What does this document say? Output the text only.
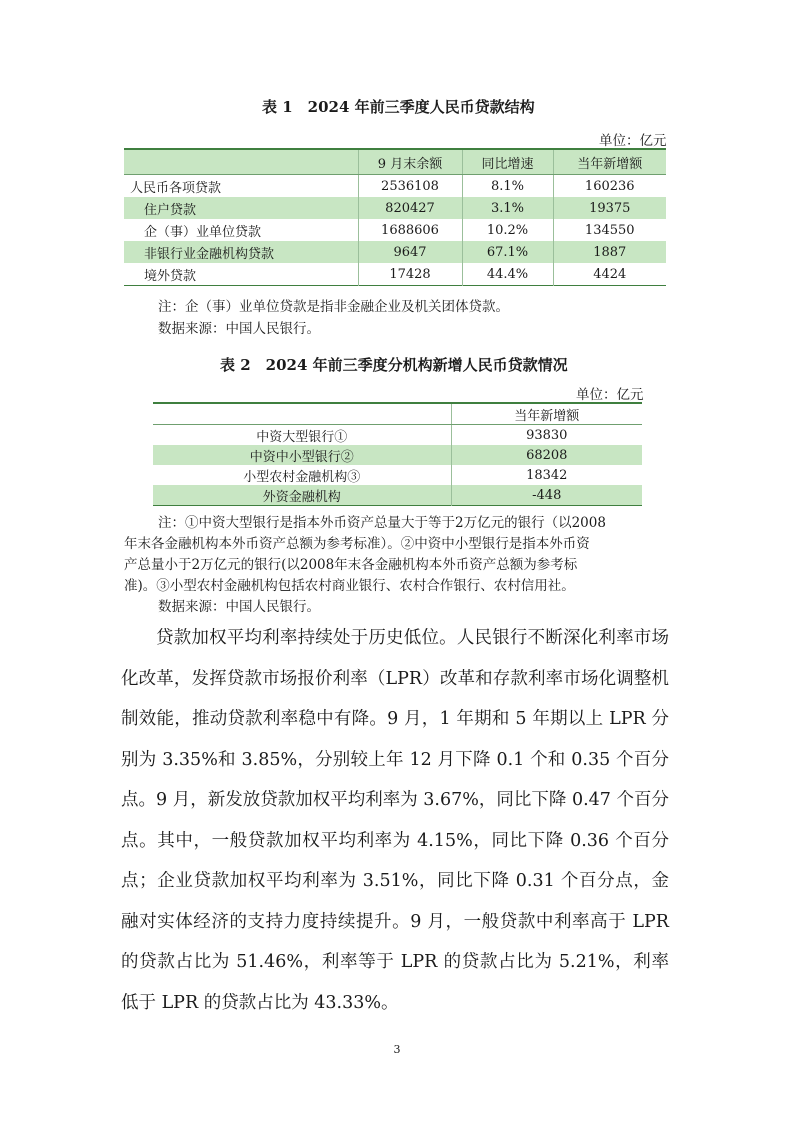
表 1　2024 年前三季度人民币贷款结构
单位：亿元
	9 月末余额	同比增速	当年新增额
人民币各项贷款	2536108	8.1%	160236
住户贷款	820427	3.1%	19375
企（事）业单位贷款	1688606	10.2%	134550
非银行业金融机构贷款	9647	67.1%	1887
境外贷款	17428	44.4%	4424
注：企（事）业单位贷款是指非金融企业及机关团体贷款。
数据来源：中国人民银行。
表 2　2024 年前三季度分机构新增人民币贷款情况
单位：亿元
	当年新增额
中资大型银行①	93830
中资中小型银行②	68208
小型农村金融机构③	18342
外资金融机构	-448
注：①中资大型银行是指本外币资产总量大于等于2万亿元的银行（以2008
年末各金融机构本外币资产总额为参考标准）。②中资中小型银行是指本外币资
产总量小于2万亿元的银行(以2008年末各金融机构本外币资产总额为参考标
准)。③小型农村金融机构包括农村商业银行、农村合作银行、农村信用社。
数据来源：中国人民银行。
贷款加权平均利率持续处于历史低位。人民银行不断深化利率市场化改革，发挥贷款市场报价利率（LPR）改革和存款利率市场化调整机制效能，推动贷款利率稳中有降。9 月，1 年期和 5 年期以上 LPR 分别为 3.35%和 3.85%，分别较上年 12 月下降 0.1 个和 0.35 个百分点。9 月，新发放贷款加权平均利率为 3.67%，同比下降 0.47 个百分点。其中，一般贷款加权平均利率为 4.15%，同比下降 0.36 个百分点；企业贷款加权平均利率为 3.51%，同比下降 0.31 个百分点，金融对实体经济的支持力度持续提升。9 月，一般贷款中利率高于 LPR 的贷款占比为 51.46%，利率等于 LPR 的贷款占比为 5.21%，利率低于 LPR 的贷款占比为 43.33%。
3
